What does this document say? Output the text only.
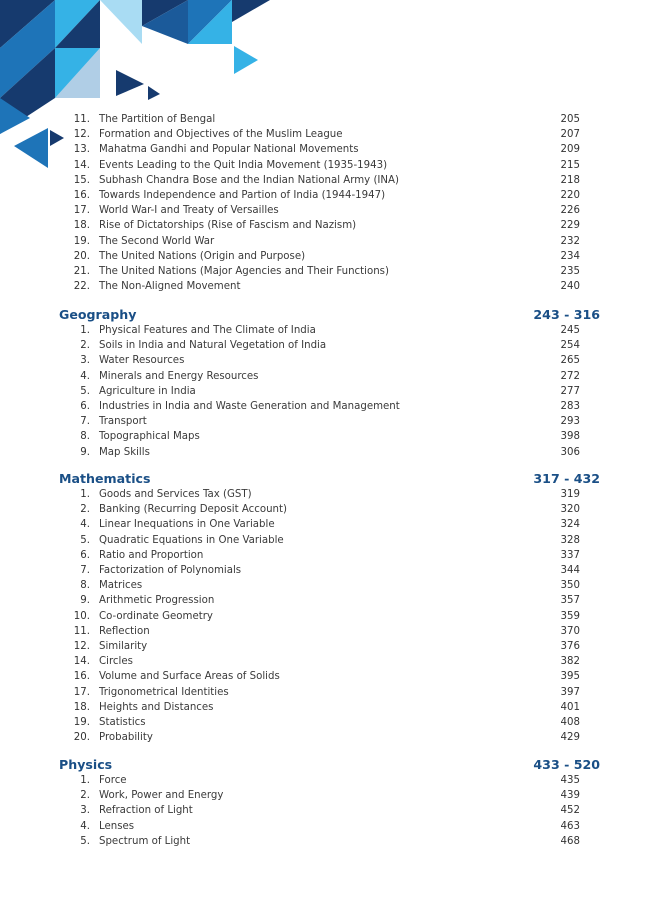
11. The Partition of Bengal	205
12. Formation and Objectives of the Muslim League	207
13. Mahatma Gandhi and Popular National Movements	209
14. Events Leading to the Quit India Movement (1935-1943)	215
15. Subhash Chandra Bose and the Indian National Army (INA)	218
16. Towards Independence and Partion of India (1944-1947)	220
17. World War-I and Treaty of Versailles	226
18. Rise of Dictatorships (Rise of Fascism and Nazism)	229
19. The Second World War	232
20. The United Nations (Origin and Purpose)	234
21. The United Nations (Major Agencies and Their Functions)	235
22. The Non-Aligned Movement	240
Geography	243 - 316
1. Physical Features and The Climate of India	245
2. Soils in India and Natural Vegetation of India	254
3. Water Resources	265
4. Minerals and Energy Resources	272
5. Agriculture in India	277
6. Industries in India and Waste Generation and Management	283
7. Transport	293
8. Topographical Maps	398
9. Map Skills	306
Mathematics	317 - 432
1. Goods and Services Tax (GST)	319
2. Banking (Recurring Deposit Account)	320
4. Linear Inequations in One Variable	324
5. Quadratic Equations in One Variable	328
6. Ratio and Proportion	337
7. Factorization of Polynomials	344
8. Matrices	350
9. Arithmetic Progression	357
10. Co-ordinate Geometry	359
11. Reflection	370
12. Similarity	376
14. Circles	382
16. Volume and Surface Areas of Solids	395
17. Trigonometrical Identities	397
18. Heights and Distances	401
19. Statistics	408
20. Probability	429
Physics	433 - 520
1. Force	435
2. Work, Power and Energy	439
3. Refraction of Light	452
4. Lenses	463
5. Spectrum of Light	468
